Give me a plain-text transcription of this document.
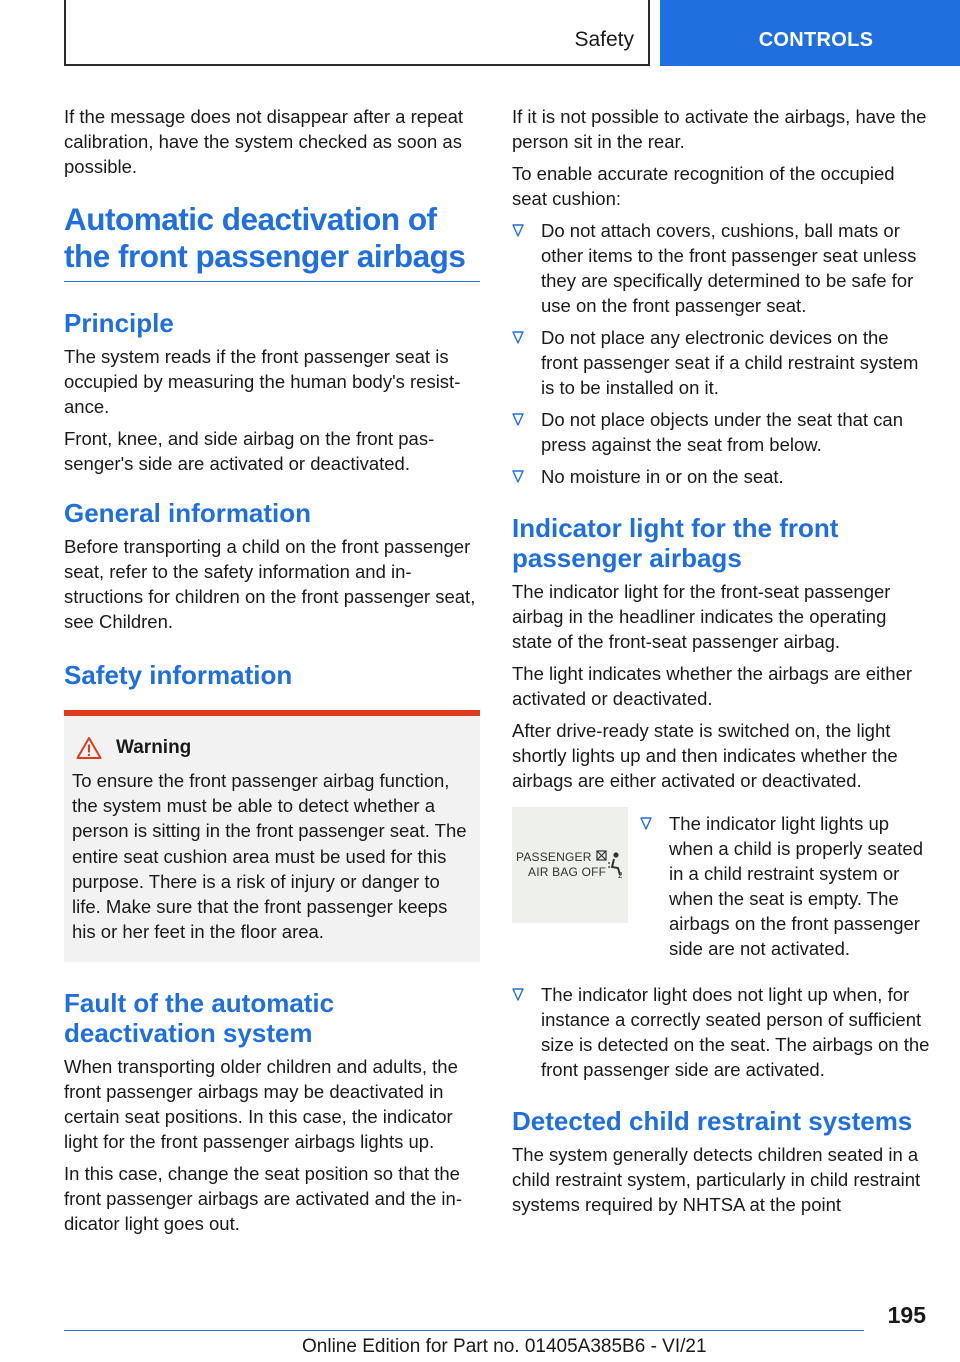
Safety	CONTROLS

If the message does not disappear after a repeat calibration, have the system checked as soon as possible.

Automatic deactivation of
the front passenger airbags
Principle

The system reads if the front passenger seat is occupied by measuring the human body's resistance.

Front, knee, and side airbag on the front passenger's side are activated or deactivated.

General information

Before transporting a child on the front passenger seat, refer to the safety information and instructions for children on the front passenger seat, see Children.

Safety information
Warning
To ensure the front passenger airbag function, the system must be able to detect whether a person is sitting in the front passenger seat. The entire seat cushion area must be used for this purpose. There is a risk of injury or danger to life. Make sure that the front passenger keeps his or her feet in the floor area.
Fault of the automatic deactivation system

When transporting older children and adults, the front passenger airbags may be deactivated in certain seat positions. In this case, the indicator light for the front passenger airbags lights up.

In this case, change the seat position so that the front passenger airbags are activated and the indicator light goes out.

If it is not possible to activate the airbags, have the person sit in the rear.

To enable accurate recognition of the occupied seat cushion:

Do not attach covers, cushions, ball mats or other items to the front passenger seat unless they are specifically determined to be safe for use on the front passenger seat.
Do not place any electronic devices on the front passenger seat if a child restraint system is to be installed on it.
Do not place objects under the seat that can press against the seat from below.
No moisture in or on the seat.
Indicator light for the front passenger airbags

The indicator light for the front-seat passenger airbag in the headliner indicates the operating state of the front-seat passenger airbag.

The light indicates whether the airbags are either activated or deactivated.

After drive-ready state is switched on, the light shortly lights up and then indicates whether the airbags are either activated or deactivated.

PASSENGER
AIR BAG OFF 2
The indicator light lights up when a child is properly seated in a child restraint system or when the seat is empty. The airbags on the front passenger side are not activated.
The indicator light does not light up when, for instance a correctly seated person of sufficient size is detected on the seat. The airbags on the front passenger side are activated.
Detected child restraint systems

The system generally detects children seated in a child restraint system, particularly in child restraint systems required by NHTSA at the point

195
Online Edition for Part no. 01405A385B6 - VI/21
